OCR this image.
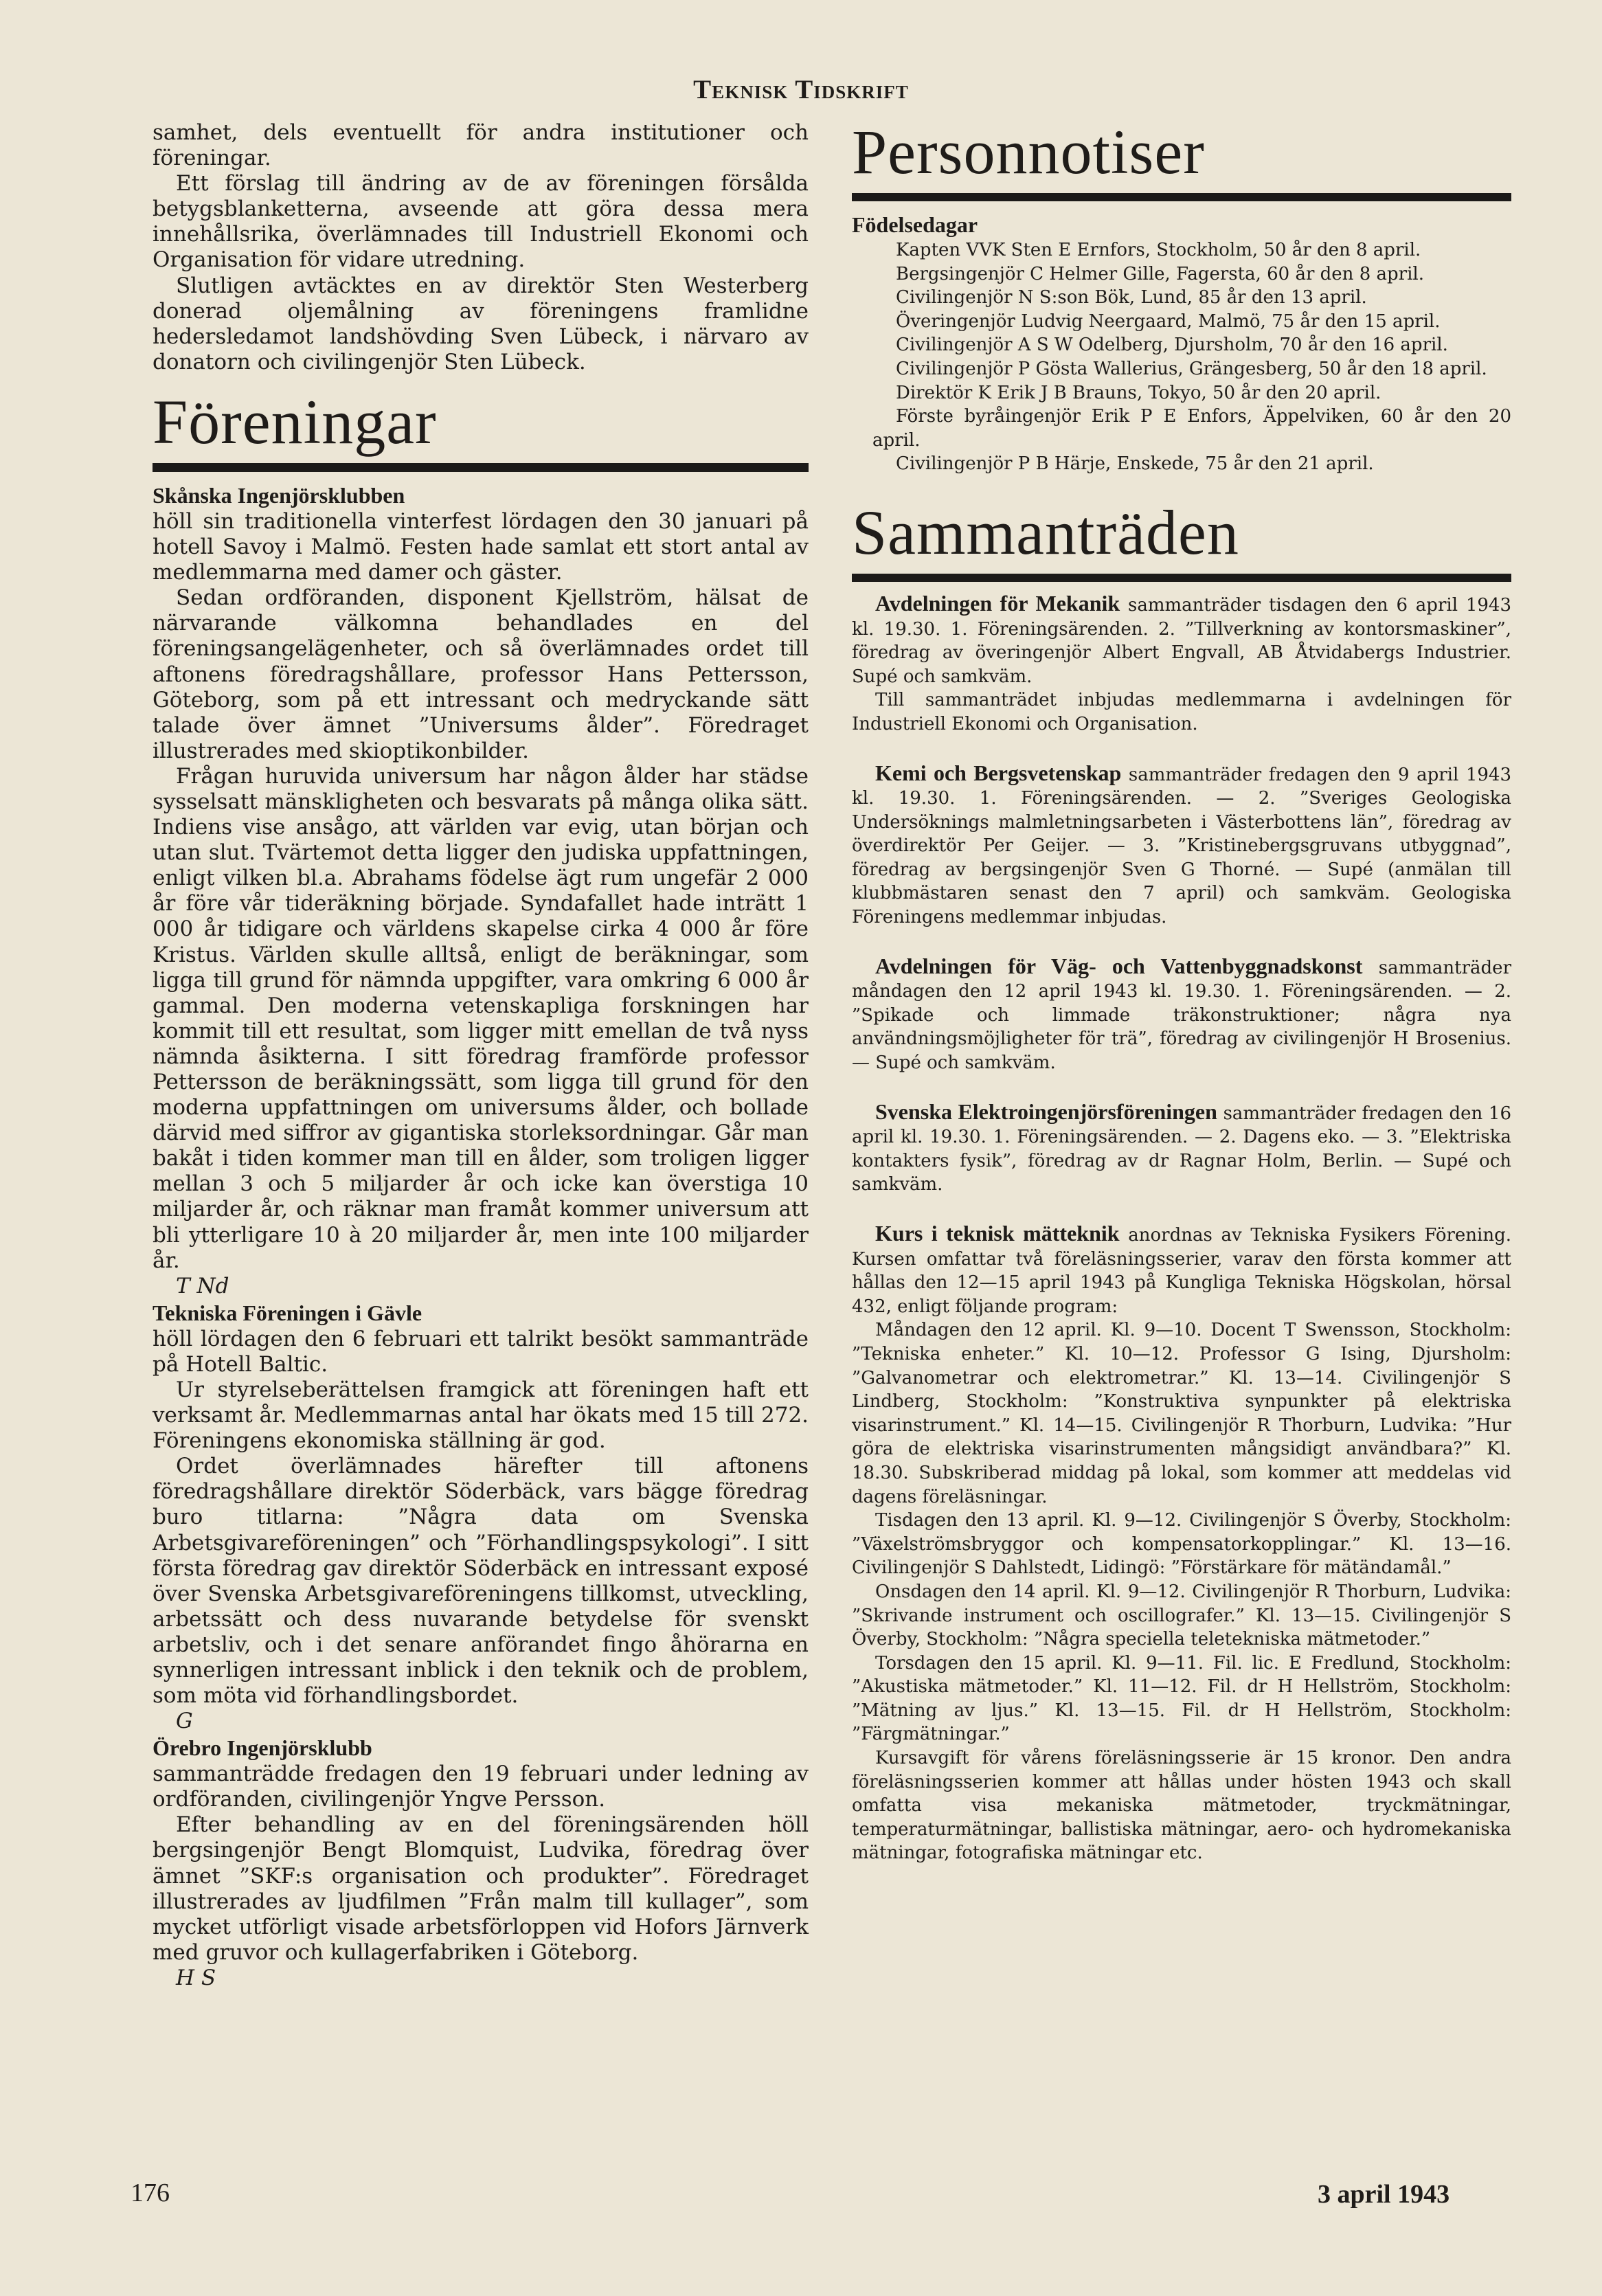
Teknisk Tidskrift

samhet, dels eventuellt för andra institutioner och föreningar.

Ett förslag till ändring av de av föreningen försålda betygsblanketterna, avseende att göra dessa mera innehållsrika, överlämnades till Industriell Ekonomi och Organisation för vidare utredning.

Slutligen avtäcktes en av direktör Sten Westerberg donerad oljemålning av föreningens framlidne hedersledamot landshövding Sven Lübeck, i närvaro av donatorn och civilingenjör Sten Lübeck.

Föreningar
Skånska Ingenjörsklubben

höll sin traditionella vinterfest lördagen den 30 januari på hotell Savoy i Malmö. Festen hade samlat ett stort antal av medlemmarna med damer och gäster.

Sedan ordföranden, disponent Kjellström, hälsat de närvarande välkomna behandlades en del föreningsangelägenheter, och så överlämnades ordet till aftonens föredragshållare, professor Hans Pettersson, Göteborg, som på ett intressant och medryckande sätt talade över ämnet ”Universums ålder”. Föredraget illustrerades med skioptikonbilder.

Frågan huruvida universum har någon ålder har städse sysselsatt mänskligheten och besvarats på många olika sätt. Indiens vise ansågo, att världen var evig, utan början och utan slut. Tvärtemot detta ligger den judiska uppfattningen, enligt vilken bl.a. Abrahams födelse ägt rum ungefär 2 000 år före vår tideräkning började. Syndafallet hade inträtt 1 000 år tidigare och världens skapelse cirka 4 000 år före Kristus. Världen skulle alltså, enligt de beräkningar, som ligga till grund för nämnda uppgifter, vara omkring 6 000 år gammal. Den moderna vetenskapliga forskningen har kommit till ett resultat, som ligger mitt emellan de två nyss nämnda åsikterna. I sitt föredrag framförde professor Pettersson de beräkningssätt, som ligga till grund för den moderna uppfattningen om universums ålder, och bollade därvid med siffror av gigantiska storleksordningar. Går man bakåt i tiden kommer man till en ålder, som troligen ligger mellan 3 och 5 miljarder år och icke kan överstiga 10 miljarder år, och räknar man framåt kommer universum att bli ytterligare 10 à 20 miljarder år, men inte 100 miljarder år.

T Nd

Tekniska Föreningen i Gävle

höll lördagen den 6 februari ett talrikt besökt sammanträde på Hotell Baltic.

Ur styrelseberättelsen framgick att föreningen haft ett verksamt år. Medlemmarnas antal har ökats med 15 till 272. Föreningens ekonomiska ställning är god.

Ordet överlämnades härefter till aftonens föredragshållare direktör Söderbäck, vars bägge föredrag buro titlarna: ”Några data om Svenska Arbetsgivareföreningen” och ”Förhandlingspsykologi”. I sitt första föredrag gav direktör Söderbäck en intressant exposé över Svenska Arbetsgivareföreningens tillkomst, utveckling, arbetssätt och dess nuvarande betydelse för svenskt arbetsliv, och i det senare anförandet fingo åhörarna en synnerligen intressant inblick i den teknik och de problem, som möta vid förhandlingsbordet.

G

Örebro Ingenjörsklubb

sammanträdde fredagen den 19 februari under ledning av ordföranden, civilingenjör Yngve Persson.

Efter behandling av en del föreningsärenden höll bergsingenjör Bengt Blomquist, Ludvika, föredrag över ämnet ”SKF:s organisation och produkter”. Föredraget illustrerades av ljudfilmen ”Från malm till kullager”, som mycket utförligt visade arbetsförloppen vid Hofors Järnverk med gruvor och kullagerfabriken i Göteborg.

H S

Personnotiser
Födelsedagar

Kapten VVK Sten E Ernfors, Stockholm, 50 år den 8 april.

Bergsingenjör C Helmer Gille, Fagersta, 60 år den 8 april.

Civilingenjör N S:son Bök, Lund, 85 år den 13 april.

Överingenjör Ludvig Neergaard, Malmö, 75 år den 15 april.

Civilingenjör A S W Odelberg, Djursholm, 70 år den 16 april.

Civilingenjör P Gösta Wallerius, Grängesberg, 50 år den 18 april.

Direktör K Erik J B Brauns, Tokyo, 50 år den 20 april.

Förste byråingenjör Erik P E Enfors, Äppelviken, 60 år den 20 april.

Civilingenjör P B Härje, Enskede, 75 år den 21 april.

Sammanträden

Avdelningen för Mekanik sammanträder tisdagen den 6 april 1943 kl. 19.30. 1. Föreningsärenden. 2. ”Tillverkning av kontorsmaskiner”, föredrag av överingenjör Albert Engvall, AB Åtvidabergs Industrier. Supé och samkväm.

Till sammanträdet inbjudas medlemmarna i avdelningen för Industriell Ekonomi och Organisation.

Kemi och Bergsvetenskap sammanträder fredagen den 9 april 1943 kl. 19.30. 1. Föreningsärenden. — 2. ”Sveriges Geologiska Undersöknings malmletningsarbeten i Västerbottens län”, föredrag av överdirektör Per Geijer. — 3. ”Kristinebergsgruvans utbyggnad”, föredrag av bergsingenjör Sven G Thorné. — Supé (anmälan till klubbmästaren senast den 7 april) och samkväm. Geologiska Föreningens medlemmar inbjudas.

Avdelningen för Väg- och Vattenbyggnadskonst sammanträder måndagen den 12 april 1943 kl. 19.30. 1. Föreningsärenden. — 2. ”Spikade och limmade träkonstruktioner; några nya användningsmöjligheter för trä”, föredrag av civilingenjör H Brosenius. — Supé och samkväm.

Svenska Elektroingenjörsföreningen sammanträder fredagen den 16 april kl. 19.30. 1. Föreningsärenden. — 2. Dagens eko. — 3. ”Elektriska kontakters fysik”, föredrag av dr Ragnar Holm, Berlin. — Supé och samkväm.

Kurs i teknisk mätteknik anordnas av Tekniska Fysikers Förening. Kursen omfattar två föreläsningsserier, varav den första kommer att hållas den 12—15 april 1943 på Kungliga Tekniska Högskolan, hörsal 432, enligt följande program:

Måndagen den 12 april. Kl. 9—10. Docent T Swensson, Stockholm: ”Tekniska enheter.” Kl. 10—12. Professor G Ising, Djursholm: ”Galvanometrar och elektrometrar.” Kl. 13—14. Civilingenjör S Lindberg, Stockholm: ”Konstruktiva synpunkter på elektriska visarinstrument.” Kl. 14—15. Civilingenjör R Thorburn, Ludvika: ”Hur göra de elektriska visarinstrumenten mångsidigt användbara?” Kl. 18.30. Subskriberad middag på lokal, som kommer att meddelas vid dagens föreläsningar.

Tisdagen den 13 april. Kl. 9—12. Civilingenjör S Överby, Stockholm: ”Växelströmsbryggor och kompensatorkopplingar.” Kl. 13—16. Civilingenjör S Dahlstedt, Lidingö: ”Förstärkare för mätändamål.”

Onsdagen den 14 april. Kl. 9—12. Civilingenjör R Thorburn, Ludvika: ”Skrivande instrument och oscillografer.” Kl. 13—15. Civilingenjör S Överby, Stockholm: ”Några speciella teletekniska mätmetoder.”

Torsdagen den 15 april. Kl. 9—11. Fil. lic. E Fredlund, Stockholm: ”Akustiska mätmetoder.” Kl. 11—12. Fil. dr H Hellström, Stockholm: ”Mätning av ljus.” Kl. 13—15. Fil. dr H Hellström, Stockholm: ”Färgmätningar.”

Kursavgift för vårens föreläsningsserie är 15 kronor. Den andra föreläsningsserien kommer att hållas under hösten 1943 och skall omfatta visa mekaniska mätmetoder, tryckmätningar, temperaturmätningar, ballistiska mätningar, aero- och hydromekaniska mätningar, fotografiska mätningar etc.

176	3 april 1943
